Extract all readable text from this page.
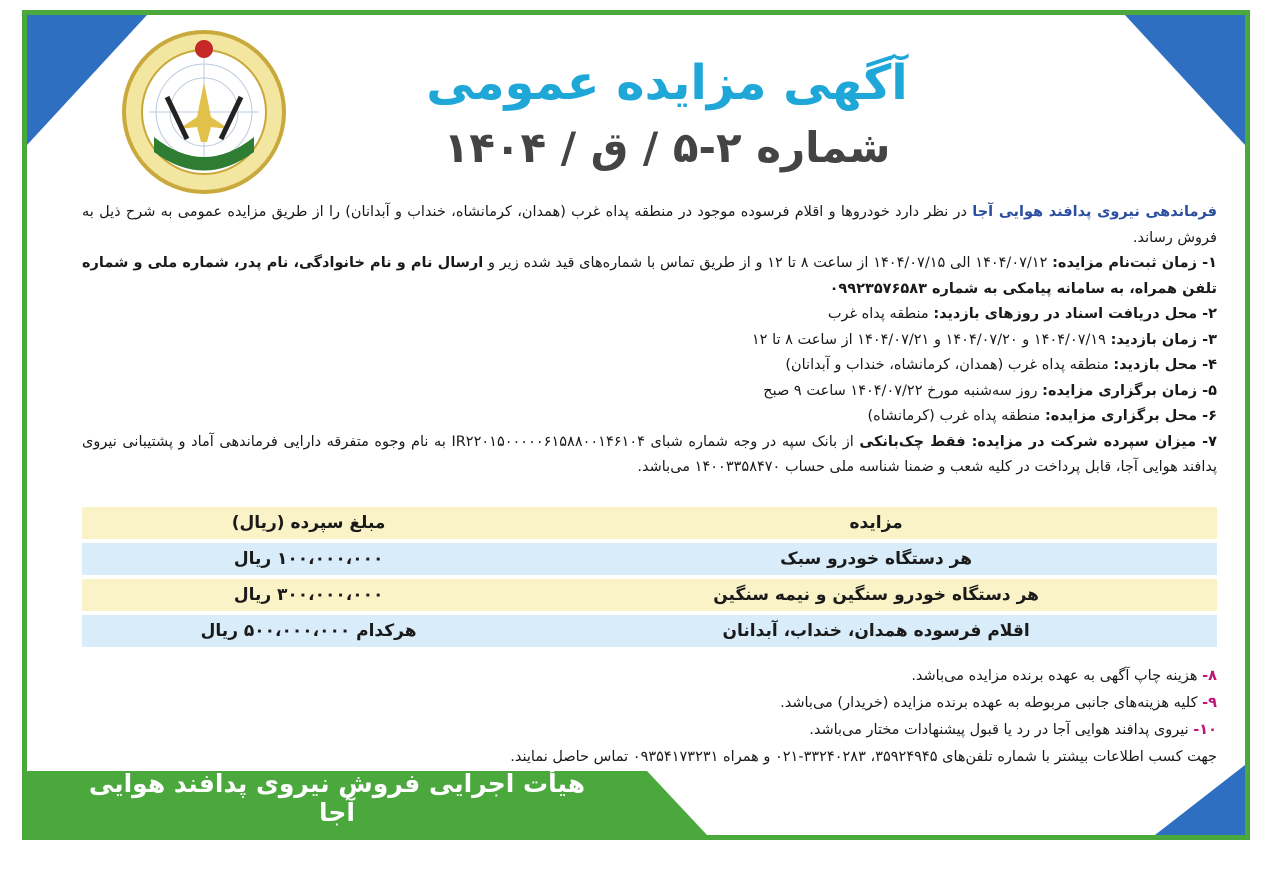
آگهی مزایده عمومی
شماره ۲-۵ / ق / ۱۴۰۴

فرماندهی نیروی پدافند هوایی آجا در نظر دارد خودروها و اقلام فرسوده موجود در منطقه پداه غرب (همدان، کرمانشاه، خنداب و آبدانان) را از طریق مزایده عمومی به شرح ذیل به فروش رساند.

۱- زمان ثبت‌نام مزایده: ۱۴۰۴/۰۷/۱۲ الی ۱۴۰۴/۰۷/۱۵ از ساعت ۸ تا ۱۲ و از طریق تماس با شماره‌های قید شده زیر و ارسال نام و نام خانوادگی، نام پدر، شماره ملی و شماره تلفن همراه، به سامانه پیامکی به شماره ۰۹۹۲۳۵۷۶۵۸۳

۲- محل دریافت اسناد در روزهای بازدید: منطقه پداه غرب

۳- زمان بازدید: ۱۴۰۴/۰۷/۱۹ و ۱۴۰۴/۰۷/۲۰ و ۱۴۰۴/۰۷/۲۱ از ساعت ۸ تا ۱۲

۴- محل بازدید: منطقه پداه غرب (همدان، کرمانشاه، خنداب و آبدانان)

۵- زمان برگزاری مزایده: روز سه‌شنبه مورخ ۱۴۰۴/۰۷/۲۲ ساعت ۹ صبح

۶- محل برگزاری مزایده: منطقه پداه غرب (کرمانشاه)

۷- میزان سپرده شرکت در مزایده: فقط چک‌بانکی از بانک سپه در وجه شماره شبای IR۲۲۰۱۵۰۰۰۰۰۶۱۵۸۸۰۰۱۴۶۱۰۴ به نام وجوه متفرقه دارایی فرماندهی آماد و پشتیبانی نیروی پدافند هوایی آجا، قابل پرداخت در کلیه شعب و ضمنا شناسه ملی حساب ۱۴۰۰۳۳۵۸۴۷۰ می‌باشد.

مزایده	مبلغ سپرده (ریال)
هر دستگاه خودرو سبک	۱۰۰،۰۰۰،۰۰۰ ریال
هر دستگاه خودرو سنگین و نیمه سنگین	۳۰۰،۰۰۰،۰۰۰ ریال
اقلام فرسوده همدان، خنداب، آبدانان	هرکدام ۵۰۰،۰۰۰،۰۰۰ ریال

۸- هزینه چاپ آگهی به عهده برنده مزایده می‌باشد.

۹- کلیه هزینه‌های جانبی مربوطه به عهده برنده مزایده (خریدار) می‌باشد.

۱۰- نیروی پدافند هوایی آجا در رد یا قبول پیشنهادات مختار می‌باشد.

جهت کسب اطلاعات بیشتر با شماره تلفن‌های ۳۵۹۲۴۹۴۵، ۳۳۲۴۰۲۸۳-۰۲۱ و همراه ۰۹۳۵۴۱۷۳۲۳۱ تماس حاصل نمایند.

هیأت اجرایی فروش نیروی پدافند هوایی آجا
